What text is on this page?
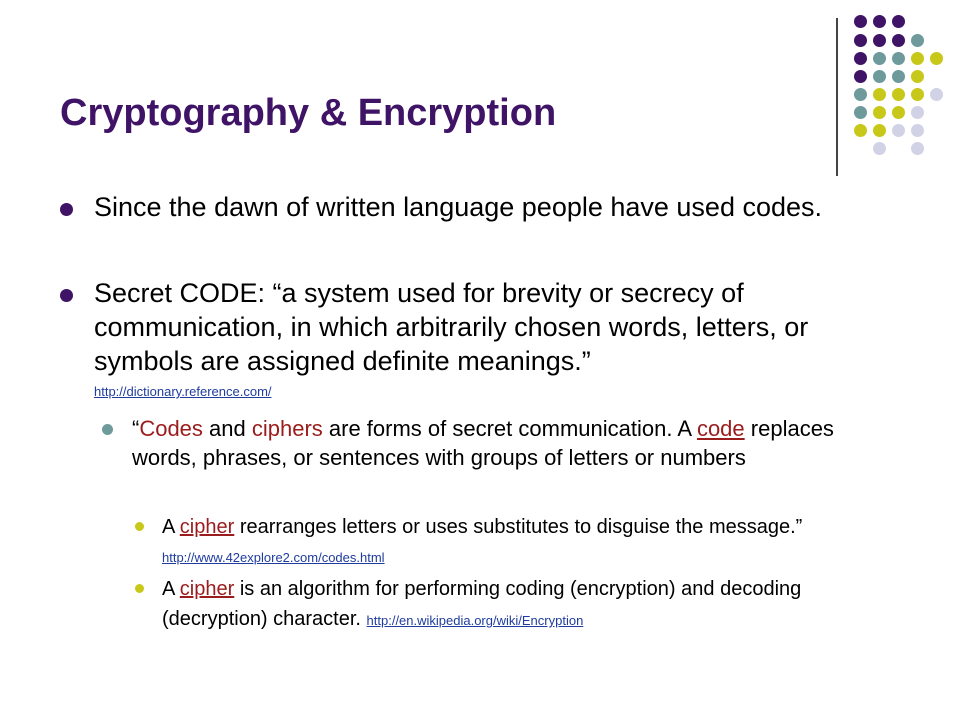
Cryptography & Encryption
Since the dawn of written language people have used codes.
Secret CODE: “a system used for brevity or secrecy of communication, in which arbitrarily chosen words, letters, or symbols are assigned definite meanings.”
http://dictionary.reference.com/
“Codes and ciphers are forms of secret communication. A code replaces words, phrases, or sentences with groups of letters or numbers
A cipher rearranges letters or uses substitutes to disguise the message.”
http://www.42explore2.com/codes.html
A cipher is an algorithm for performing coding (encryption) and decoding (decryption) character. http://en.wikipedia.org/wiki/Encryption
